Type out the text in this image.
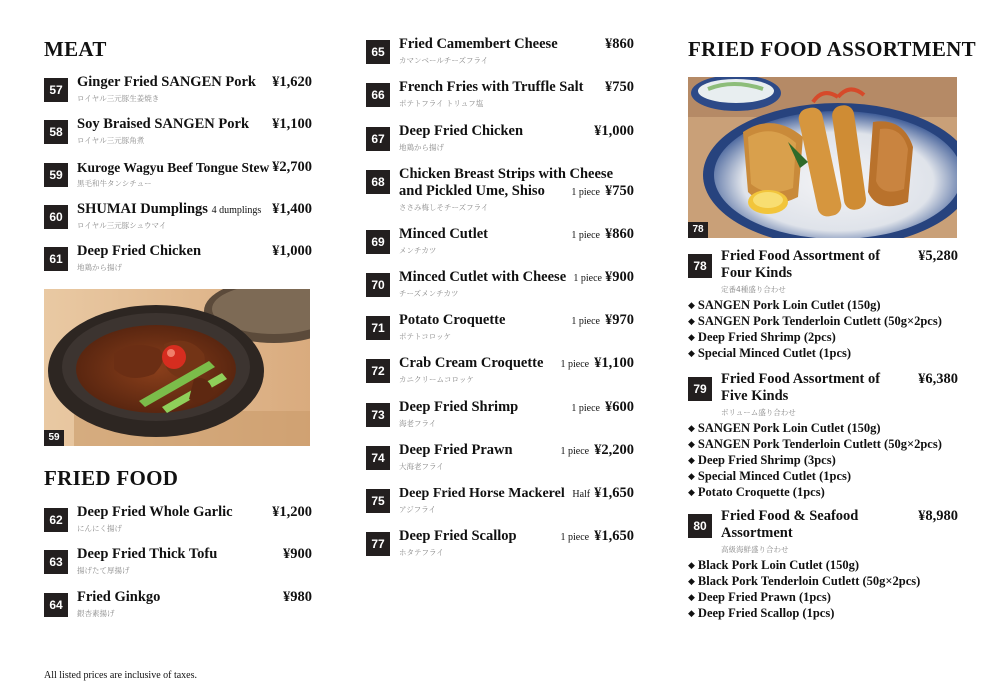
MEAT
57 Ginger Fried SANGEN Pork
ロイヤル三元豚生姜焼き
¥1,620
58 Soy Braised SANGEN Pork
ロイヤル三元豚角煮
¥1,100
59	Kuroge Wagyu Beef Tongue Stew
黒毛和牛タンシチュー
¥2,700
60 SHUMAI Dumplings 4 dumplings
ロイヤル三元豚シュウマイ
¥1,400
61 Deep Fried Chicken
地鶏から揚げ
¥1,000
59
FRIED FOOD
62 Deep Fried Whole Garlic
にんにく揚げ
¥1,200
63 Deep Fried Thick Tofu
揚げたて厚揚げ
¥900
64 Fried Ginkgo
銀杏素揚げ
¥980
65 Fried Camembert Cheese
カマンベールチーズフライ
¥860
66 French Fries with Truffle Salt
ポテトフライ トリュフ塩
¥750
67 Deep Fried Chicken
地鶏から揚げ
¥1,000
68 Chicken Breast Strips with Cheese and Pickled Ume, Shiso
ささみ梅しそチーズフライ
1 piece ¥750
69 Minced Cutlet
メンチカツ
1 piece ¥860
70 Minced Cutlet with Cheese
チーズメンチカツ
1 piece ¥900
71 Potato Croquette
ポテトコロッケ
1 piece ¥970
72 Crab Cream Croquette
カニクリームコロッケ
1 piece ¥1,100
73 Deep Fried Shrimp
海老フライ
1 piece ¥600
74 Deep Fried Prawn
大海老フライ
1 piece ¥2,200
75	Deep Fried Horse Mackerel
アジフライ
Half ¥1,650
77 Deep Fried Scallop
ホタテフライ
1 piece ¥1,650
FRIED FOOD ASSORTMENT
78
78
Fried Food Assortment of Four Kinds
定番4種盛り合わせ
¥5,280
◆ SANGEN Pork Loin Cutlet (150g)
◆ SANGEN Pork Tenderloin Cutlett (50g×2pcs)
◆ Deep Fried Shrimp (2pcs)
◆ Special Minced Cutlet (1pcs)
79
Fried Food Assortment of Five Kinds
ボリューム盛り合わせ
¥6,380
◆ SANGEN Pork Loin Cutlet (150g)
◆ SANGEN Pork Tenderloin Cutlett (50g×2pcs)
◆ Deep Fried Shrimp (3pcs)
◆ Special Minced Cutlet (1pcs)
◆ Potato Croquette (1pcs)
80
Fried Food & Seafood Assortment
高級海鮮盛り合わせ
¥8,980
◆ Black Pork Loin Cutlet (150g)
◆ Black Pork Tenderloin Cutlett (50g×2pcs)
◆ Deep Fried Prawn (1pcs)
◆ Deep Fried Scallop (1pcs)
All listed prices are inclusive of taxes.
